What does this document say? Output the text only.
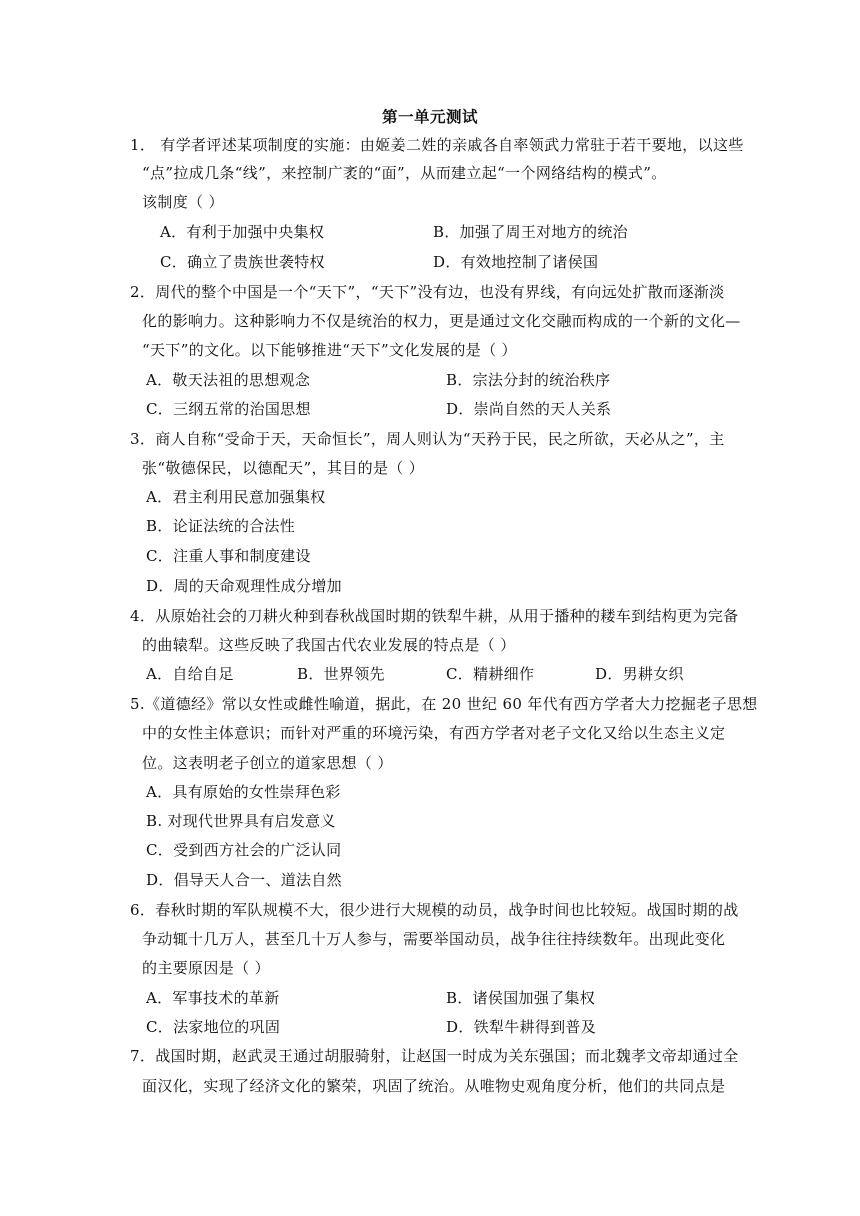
第一单元测试
1． 有学者评述某项制度的实施：由姬姜二姓的亲戚各自率领武力常驻于若干要地，以这些
“点”拉成几条“线”，来控制广袤的“面”，从而建立起“一个网络结构的模式”。
该制度（ ）
A．有利于加强中央集权	B．加强了周王对地方的统治
C．确立了贵族世袭特权	D．有效地控制了诸侯国
2．周代的整个中国是一个“天下”，“天下”没有边，也没有界线，有向远处扩散而逐渐淡
化的影响力。这种影响力不仅是统治的权力，更是通过文化交融而构成的一个新的文化—
“天下”的文化。以下能够推进“天下”文化发展的是（ ）
A．敬天法祖的思想观念	B．宗法分封的统治秩序
C．三纲五常的治国思想	D．崇尚自然的天人关系
3．商人自称“受命于天，天命恒长”，周人则认为“天矜于民，民之所欲，天必从之”，主
张“敬德保民，以德配天”，其目的是（ ）
A．君主利用民意加强集权
B．论证法统的合法性
C．注重人事和制度建设
D．周的天命观理性成分增加
4．从原始社会的刀耕火种到春秋战国时期的铁犁牛耕，从用于播种的耧车到结构更为完备
的曲辕犁。这些反映了我国古代农业发展的特点是（ ）
A．自给自足	B．世界领先	C．精耕细作	D．男耕女织
5.《道德经》常以女性或雌性喻道，据此，在 20 世纪 60 年代有西方学者大力挖掘老子思想
中的女性主体意识；而针对严重的环境污染，有西方学者对老子文化又给以生态主义定
位。这表明老子创立的道家思想（ ）
A．具有原始的女性崇拜色彩
B. 对现代世界具有启发意义
C．受到西方社会的广泛认同
D．倡导天人合一、道法自然
6．春秋时期的军队规模不大，很少进行大规模的动员，战争时间也比较短。战国时期的战
争动辄十几万人，甚至几十万人参与，需要举国动员，战争往往持续数年。出现此变化
的主要原因是（ ）
A．军事技术的革新	B．诸侯国加强了集权
C．法家地位的巩固	D．铁犁牛耕得到普及
7．战国时期，赵武灵王通过胡服骑射，让赵国一时成为关东强国；而北魏孝文帝却通过全
面汉化，实现了经济文化的繁荣，巩固了统治。从唯物史观角度分析，他们的共同点是
